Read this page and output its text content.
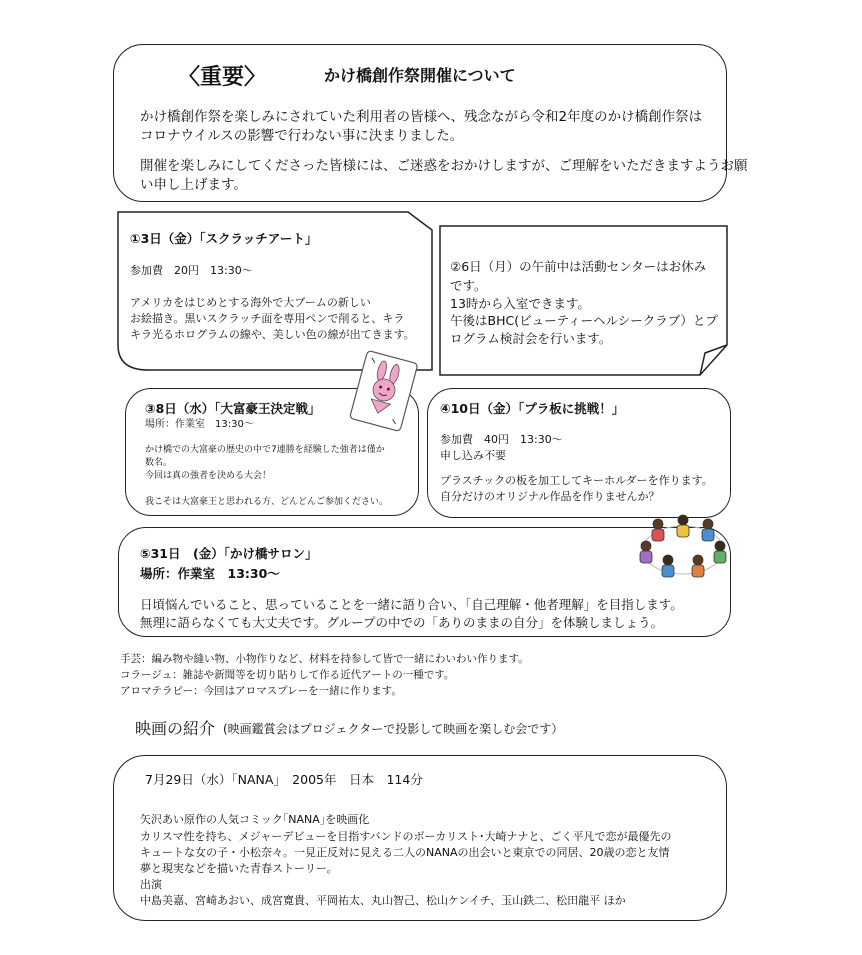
〈重要〉	かけ橋創作祭開催について
かけ橋創作祭を楽しみにされていた利用者の皆様へ、残念ながら令和2年度のかけ橋創作祭は
コロナウイルスの影響で行わない事に決まりました。
開催を楽しみにしてくださった皆様には、ご迷惑をおかけしますが、ご理解をいただきますようお願
い申し上げます。
①3日（金）「スクラッチアート」
参加費　20円　13:30～
アメリカをはじめとする海外で大ブームの新しい
お絵描き。黒いスクラッチ面を専用ペンで削ると、キラ
キラ光るホログラムの線や、美しい色の線が出てきます。
②6日（月）の午前中は活動センターはお休み
です。
13時から入室できます。
午後はBHC(ビューティーヘルシークラブ）とプ
ログラム検討会を行います。
③8日（水）「大富豪王決定戦」
場所：作業室　13:30～
かけ橋での大富豪の歴史の中で7連勝を経験した強者は僅か
数名。
今回は真の強者を決める大会！
我こそは大富豪王と思われる方、どんどんご参加ください。
④10日（金）「プラ板に挑戦！」
参加費　40円　13:30～
申し込み不要
プラスチックの板を加工してキーホルダーを作ります。
自分だけのオリジナル作品を作りませんか？
⑤31日　(金）「かけ橋サロン」
場所：作業室　13:30～
日頃悩んでいること、思っていることを一緒に語り合い、「自己理解・他者理解」を目指します。
無理に語らなくても大丈夫です。グループの中での「ありのままの自分」を体験しましょう。
手芸：編み物や縫い物、小物作りなど、材料を持参して皆で一緒にわいわい作ります。
コラージュ：雑誌や新聞等を切り貼りして作る近代アートの一種です。
アロマテラピー：今回はアロマスプレーを一緒に作ります。
映画の紹介 (映画鑑賞会はプロジェクターで投影して映画を楽しむ会です）
7月29日（水）「NANA」　2005年　日本　114分
矢沢あい原作の人気コミック｢NANA｣を映画化
カリスマ性を持ち、メジャーデビューを目指すバンドのボーカリスト･大崎ナナと、ごく平凡で恋が最優先の
キュートな女の子・小松奈々。一見正反対に見える二人のNANAの出会いと東京での同居、20歳の恋と友情
夢と現実などを描いた青春ストーリー。
出演
中島美嘉、宮崎あおい、成宮寛貴、平岡祐太、丸山智己、松山ケンイチ、玉山鉄二、松田龍平 ほか
